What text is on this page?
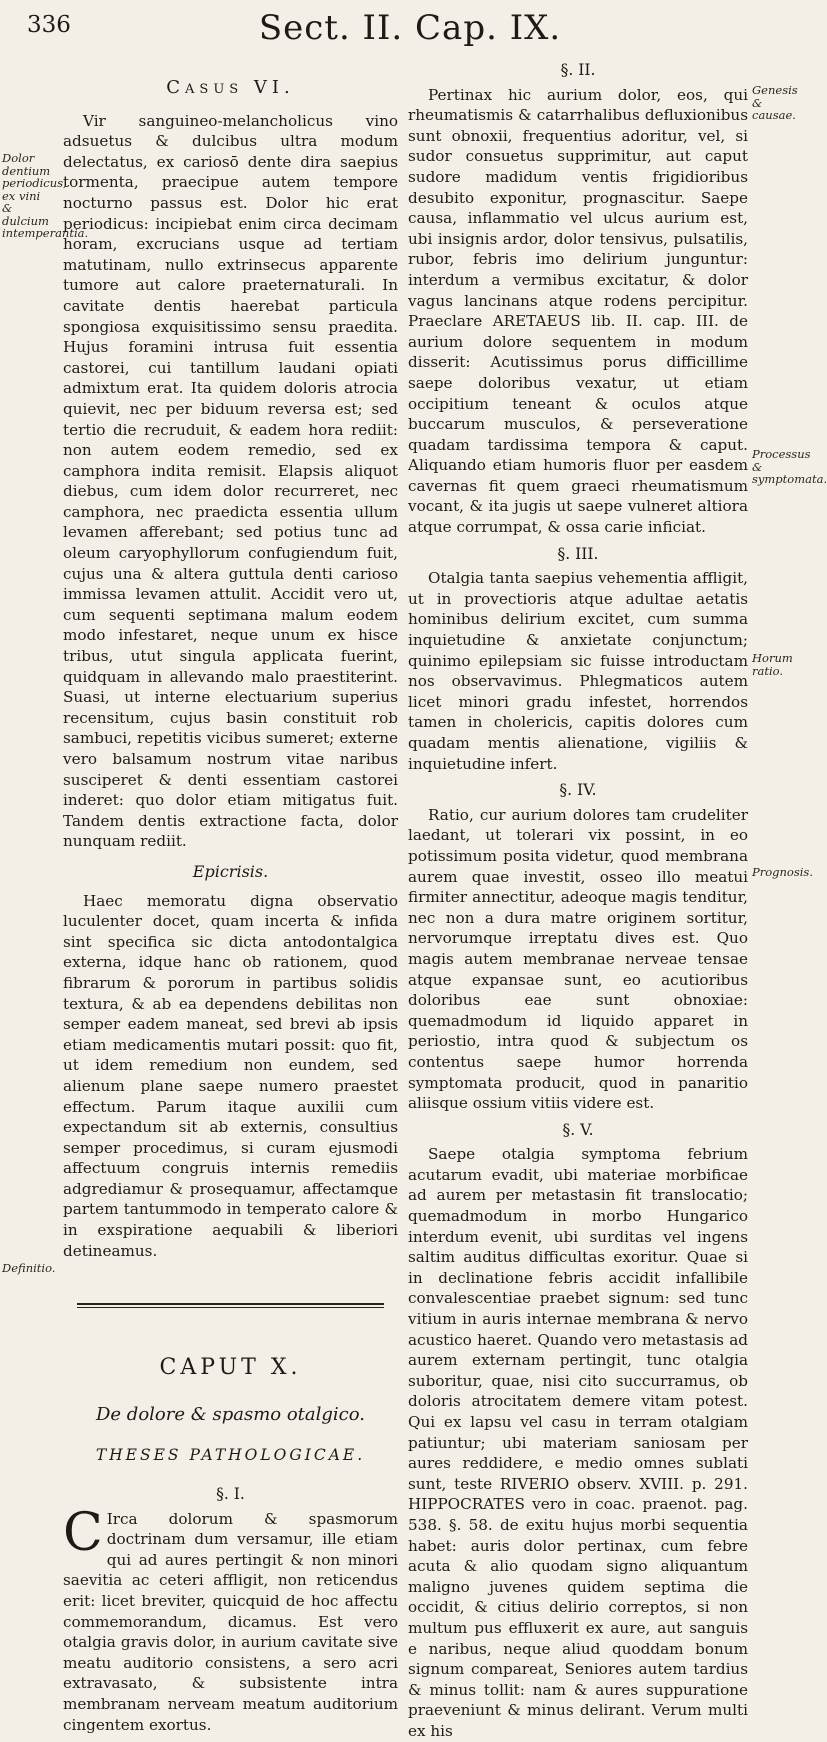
336	Sect. II. Cap. IX.
Dolor dentium periodicus, ex vini & dulcium intemperantia.
Definitio.
Genesis & causae.
Processus & symptomata.
Horum ratio.
Prognosis.
Casus VI.

Vir sanguineo-melancholicus vino adsuetus & dulcibus ultra modum delectatus, ex cariosō dente dira saepius tormenta, praecipue autem tempore nocturno passus est. Dolor hic erat periodicus: incipiebat enim circa decimam horam, excrucians usque ad tertiam matutinam, nullo extrinsecus apparente tumore aut calore praeternaturali. In cavitate dentis haerebat particula spongiosa exquisitissimo sensu praedita. Hujus foramini intrusa fuit essentia castorei, cui tantillum laudani opiati admixtum erat. Ita quidem doloris atrocia quievit, nec per biduum reversa est; sed tertio die recruduit, & eadem hora rediit: non autem eodem remedio, sed ex camphora indita remisit. Elapsis aliquot diebus, cum idem dolor recurreret, nec camphora, nec praedicta essentia ullum levamen afferebant; sed potius tunc ad oleum caryophyllorum confugiendum fuit, cujus una & altera guttula denti carioso immissa levamen attulit. Accidit vero ut, cum sequenti septimana malum eodem modo infestaret, neque unum ex hisce tribus, utut singula applicata fuerint, quidquam in allevando malo praestiterint. Suasi, ut interne electuarium superius recensitum, cujus basin constituit rob sambuci, repetitis vicibus sumeret; externe vero balsamum nostrum vitae naribus susciperet & denti essentiam castorei inderet: quo dolor etiam mitigatus fuit. Tandem dentis extractione facta, dolor nunquam rediit.

Epicrisis.

Haec memoratu digna observatio luculenter docet, quam incerta & infida sint specifica sic dicta antodontalgica externa, idque hanc ob rationem, quod fibrarum & pororum in partibus solidis textura, & ab ea dependens debilitas non semper eadem maneat, sed brevi ab ipsis etiam medicamentis mutari possit: quo fit, ut idem remedium non eundem, sed alienum plane saepe numero praestet effectum. Parum itaque auxilii cum expectandum sit ab externis, consultius semper procedimus, si curam ejusmodi affectuum congruis internis remediis adgrediamur & prosequamur, affectamque partem tantummodo in temperato calore & in exspiratione aequabili & liberiori detineamus.

CAPUT X.
De dolore & spasmo otalgico.
THESES PATHOLOGICAE.
§. I.

C Irca dolorum & spasmorum doctrinam dum versamur, ille etiam qui ad aures pertingit & non minori saevitia ac ceteri affligit, non reticendus erit: licet breviter, quicquid de hoc affectu commemorandum, dicamus. Est vero otalgia gravis dolor, in aurium cavitate sive meatu auditorio consistens, a sero acri extravasato, & subsistente intra membranam nerveam meatum auditorium cingentem exortus.

§. II.

Pertinax hic aurium dolor, eos, qui rheumatismis & catarrhalibus defluxionibus sunt obnoxii, frequentius adoritur, vel, si sudor consuetus supprimitur, aut caput sudore madidum ventis frigidioribus desubito exponitur, prognascitur. Saepe causa, inflammatio vel ulcus aurium est, ubi insignis ardor, dolor tensivus, pulsatilis, rubor, febris imo delirium junguntur: interdum a vermibus excitatur, & dolor vagus lancinans atque rodens percipitur. Praeclare ARETAEUS lib. II. cap. III. de aurium dolore sequentem in modum disserit: Acutissimus porus difficillime saepe doloribus vexatur, ut etiam occipitium teneant & oculos atque buccarum musculos, & perseveratione quadam tardissima tempora & caput. Aliquando etiam humoris fluor per easdem cavernas fit quem graeci rheumatismum vocant, & ita jugis ut saepe vulneret altiora atque corrumpat, & ossa carie inficiat.

§. III.

Otalgia tanta saepius vehementia affligit, ut in provectioris atque adultae aetatis hominibus delirium excitet, cum summa inquietudine & anxietate conjunctum; quinimo epilepsiam sic fuisse introductam nos observavimus. Phlegmaticos autem licet minori gradu infestet, horrendos tamen in cholericis, capitis dolores cum quadam mentis alienatione, vigiliis & inquietudine infert.

§. IV.

Ratio, cur aurium dolores tam crudeliter laedant, ut tolerari vix possint, in eo potissimum posita videtur, quod membrana aurem quae investit, osseo illo meatui firmiter annectitur, adeoque magis tenditur, nec non a dura matre originem sortitur, nervorumque irreptatu dives est. Quo magis autem membranae nerveae tensae atque expansae sunt, eo acutioribus doloribus eae sunt obnoxiae: quemadmodum id liquido apparet in periostio, intra quod & subjectum os contentus saepe humor horrenda symptomata producit, quod in panaritio aliisque ossium vitiis videre est.

§. V.

Saepe otalgia symptoma febrium acutarum evadit, ubi materiae morbificae ad aurem per metastasin fit translocatio; quemadmodum in morbo Hungarico interdum evenit, ubi surditas vel ingens saltim auditus difficultas exoritur. Quae si in declinatione febris accidit infallibile convalescentiae praebet signum: sed tunc vitium in auris internae membrana & nervo acustico haeret. Quando vero metastasis ad aurem externam pertingit, tunc otalgia suboritur, quae, nisi cito succurramus, ob doloris atrocitatem demere vitam potest. Qui ex lapsu vel casu in terram otalgiam patiuntur; ubi materiam saniosam per aures reddidere, e medio omnes sublati sunt, teste RIVERIO observ. XVIII. p. 291. HIPPOCRATES vero in coac. praenot. pag. 538. §. 58. de exitu hujus morbi sequentia habet: auris dolor pertinax, cum febre acuta & alio quodam signo aliquantum maligno juvenes quidem septima die occidit, & citius delirio correptos, si non multum pus effluxerit ex aure, aut sanguis e naribus, neque aliud quoddam bonum signum compareat, Seniores autem tardius & minus tollit: nam & aures suppuratione praeveniunt & minus delirant. Verum multi ex his
